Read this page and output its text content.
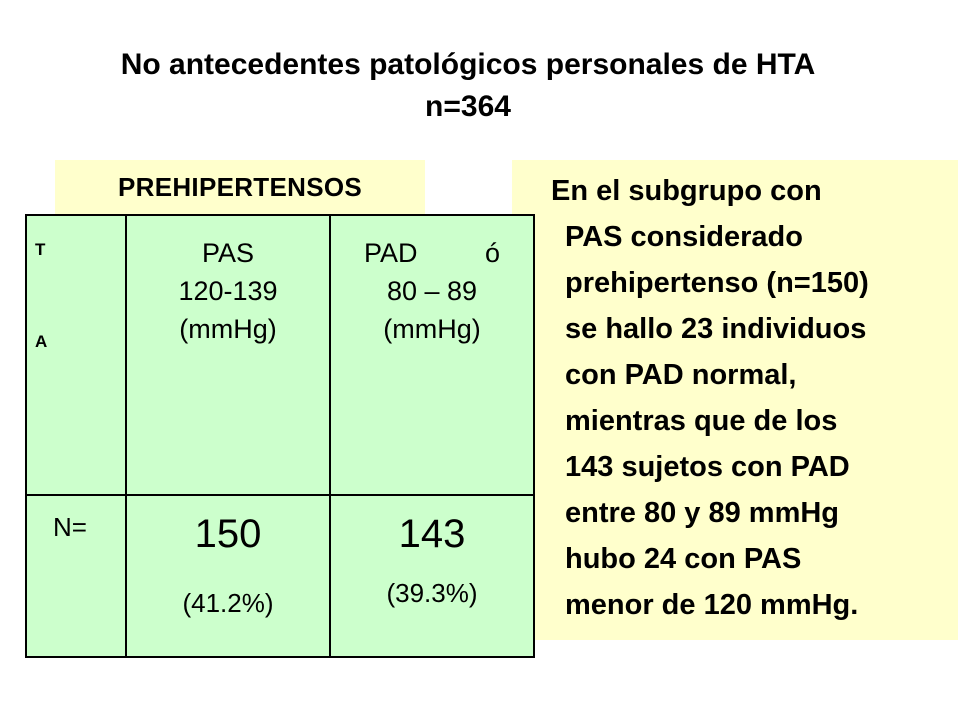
No antecedentes patológicos personales de HTA
n=364
PREHIPERTENSOS	En el subgrupo con
PAS considerado
prehipertenso (n=150)
se hallo 23 individuos
con PAD normal,
mientras que de los
143 sujetos con PAD
entre 80 y 89 mmHg
hubo 24 con PAS
menor de 120 mmHg.
T
A
PAS
120-139
(mmHg)
PAD         ó
80 – 89
(mmHg)
N=	150
(41.2%)
143
(39.3%)
